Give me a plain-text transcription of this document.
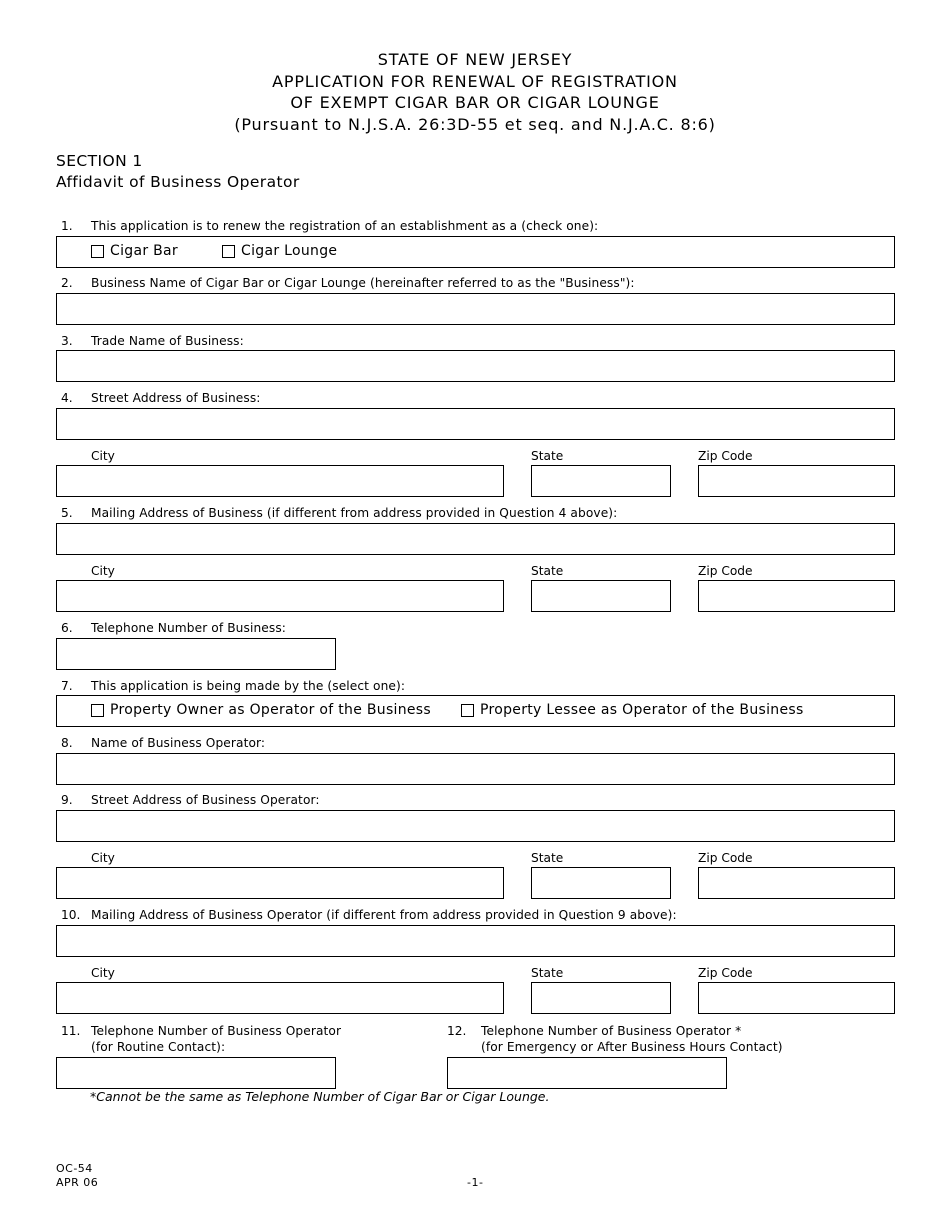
STATE OF NEW JERSEY
APPLICATION FOR RENEWAL OF REGISTRATION
OF EXEMPT CIGAR BAR OR CIGAR LOUNGE
(Pursuant to N.J.S.A. 26:3D-55 et seq. and N.J.A.C. 8:6)
SECTION 1
Affidavit of Business Operator
1. This application is to renew the registration of an establishment as a (check one):
Cigar Bar	Cigar Lounge
2. Business Name of Cigar Bar or Cigar Lounge (hereinafter referred to as the "Business"):
3. Trade Name of Business:
4. Street Address of Business:
City	State	Zip Code
5. Mailing Address of Business (if different from address provided in Question 4 above):
City	State	Zip Code
6. Telephone Number of Business:
7. This application is being made by the (select one):
Property Owner as Operator of the Business	Property Lessee as Operator of the Business
8. Name of Business Operator:
9. Street Address of Business Operator:
City	State	Zip Code
10. Mailing Address of Business Operator (if different from address provided in Question 9 above):
City	State	Zip Code
11. Telephone Number of Business Operator
(for Routine Contact):
12. Telephone Number of Business Operator *
(for Emergency or After Business Hours Contact)
*Cannot be the same as Telephone Number of Cigar Bar or Cigar Lounge.
OC-54
APR 06	-1-
